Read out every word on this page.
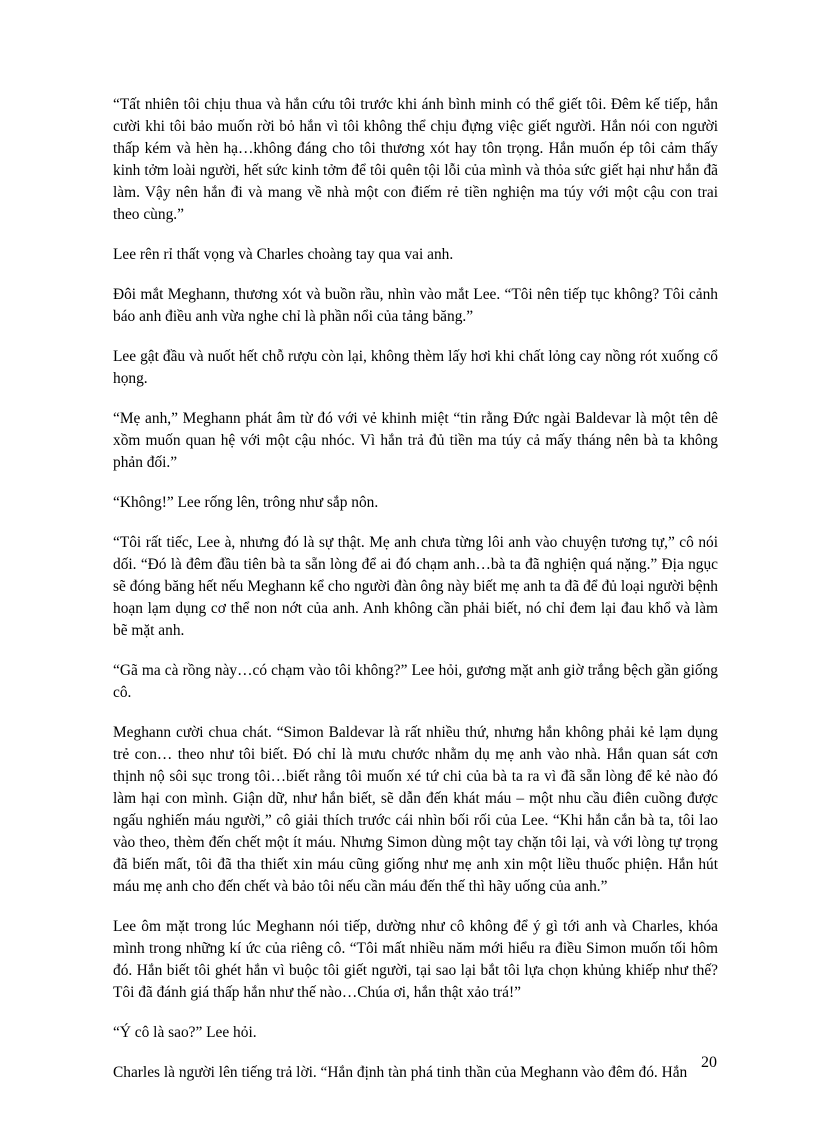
“Tất nhiên tôi chịu thua và hắn cứu tôi trước khi ánh bình minh có thể giết tôi. Đêm kế tiếp, hắn cười khi tôi bảo muốn rời bỏ hắn vì tôi không thể chịu đựng việc giết người. Hắn nói con người thấp kém và hèn hạ…không đáng cho tôi thương xót hay tôn trọng. Hắn muốn ép tôi cảm thấy kinh tởm loài người, hết sức kinh tởm để tôi quên tội lỗi của mình và thỏa sức giết hại như hắn đã làm. Vậy nên hắn đi và mang về nhà một con điếm rẻ tiền nghiện ma túy với một cậu con trai theo cùng.”

Lee rên rỉ thất vọng và Charles choàng tay qua vai anh.

Đôi mắt Meghann, thương xót và buồn rầu, nhìn vào mắt Lee. “Tôi nên tiếp tục không? Tôi cảnh báo anh điều anh vừa nghe chỉ là phần nổi của tảng băng.”

Lee gật đầu và nuốt hết chỗ rượu còn lại, không thèm lấy hơi khi chất lỏng cay nồng rót xuống cổ họng.

“Mẹ anh,” Meghann phát âm từ đó với vẻ khinh miệt “tin rằng Đức ngài Baldevar là một tên dê xồm muốn quan hệ với một cậu nhóc. Vì hắn trả đủ tiền ma túy cả mấy tháng nên bà ta không phản đối.”

“Không!” Lee rống lên, trông như sắp nôn.

“Tôi rất tiếc, Lee à, nhưng đó là sự thật. Mẹ anh chưa từng lôi anh vào chuyện tương tự,” cô nói dối. “Đó là đêm đầu tiên bà ta sẵn lòng để ai đó chạm anh…bà ta đã nghiện quá nặng.” Địa ngục sẽ đóng băng hết nếu Meghann kể cho người đàn ông này biết mẹ anh ta đã để đủ loại người bệnh hoạn lạm dụng cơ thể non nớt của anh. Anh không cần phải biết, nó chỉ đem lại đau khổ và làm bẽ mặt anh.

“Gã ma cà rồng này…có chạm vào tôi không?” Lee hỏi, gương mặt anh giờ trắng bệch gần giống cô.

Meghann cười chua chát. “Simon Baldevar là rất nhiều thứ, nhưng hắn không phải kẻ lạm dụng trẻ con… theo như tôi biết. Đó chỉ là mưu chước nhằm dụ mẹ anh vào nhà. Hắn quan sát cơn thịnh nộ sôi sục trong tôi…biết rằng tôi muốn xé tứ chi của bà ta ra vì đã sẵn lòng để kẻ nào đó làm hại con mình. Giận dữ, như hắn biết, sẽ dẫn đến khát máu – một nhu cầu điên cuồng được ngấu nghiến máu người,” cô giải thích trước cái nhìn bối rối của Lee. “Khi hắn cắn bà ta, tôi lao vào theo, thèm đến chết một ít máu. Nhưng Simon dùng một tay chặn tôi lại, và với lòng tự trọng đã biến mất, tôi đã tha thiết xin máu cũng giống như mẹ anh xin một liều thuốc phiện. Hắn hút máu mẹ anh cho đến chết và bảo tôi nếu cần máu đến thế thì hãy uống của anh.”

Lee ôm mặt trong lúc Meghann nói tiếp, dường như cô không để ý gì tới anh và Charles, khóa mình trong những kí ức của riêng cô. “Tôi mất nhiều năm mới hiểu ra điều Simon muốn tối hôm đó. Hắn biết tôi ghét hắn vì buộc tôi giết người, tại sao lại bắt tôi lựa chọn khủng khiếp như thế? Tôi đã đánh giá thấp hắn như thế nào…Chúa ơi, hắn thật xảo trá!”

“Ý cô là sao?” Lee hỏi.

Charles là người lên tiếng trả lời. “Hắn định tàn phá tinh thần của Meghann vào đêm đó. Hắn

20
